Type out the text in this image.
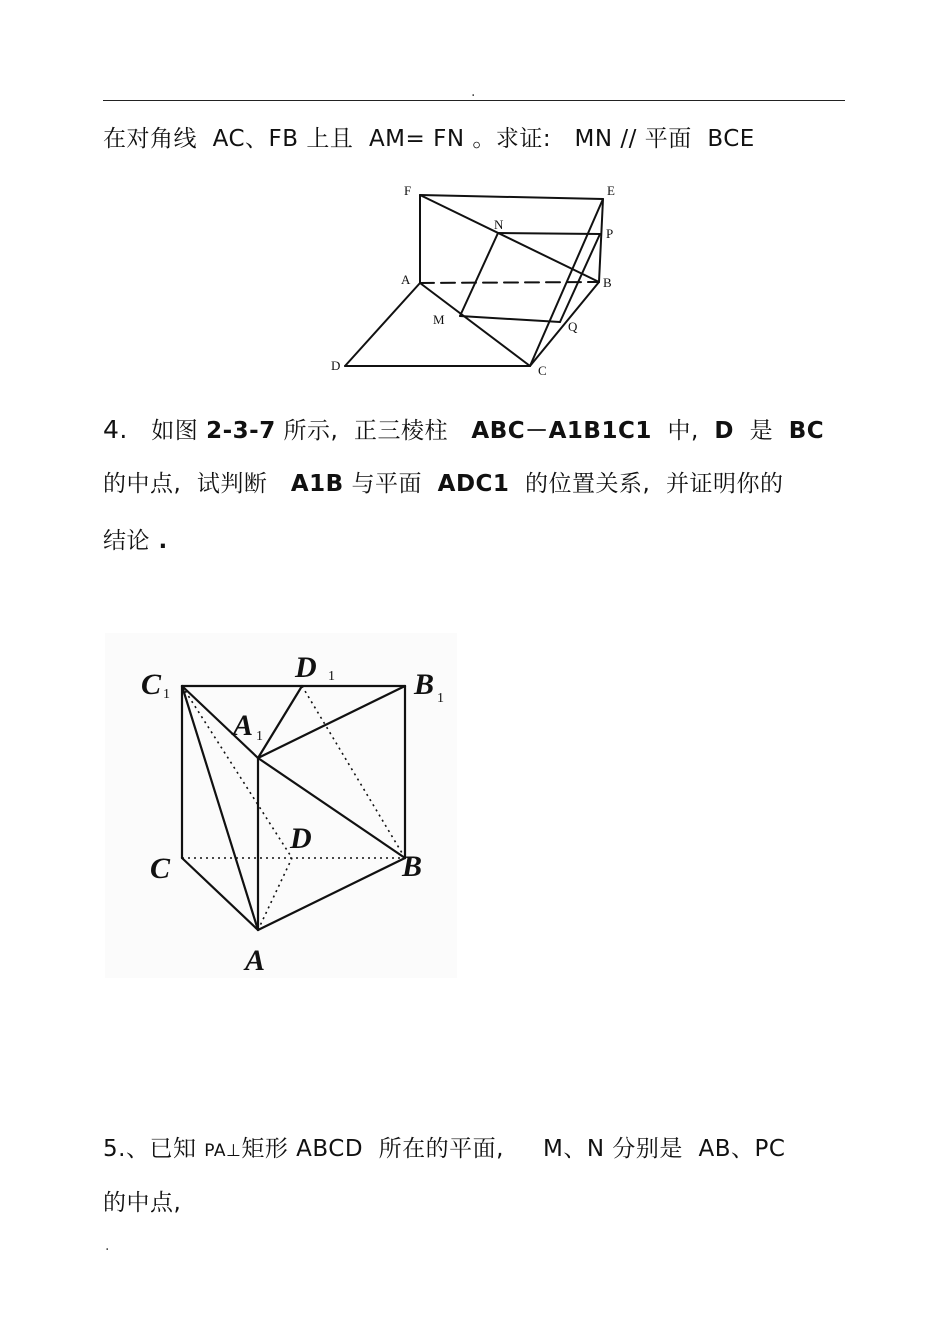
.
在对角线  AC、FB 上且  AM= FN 。求证:   MN // 平面  BCE
F	E
N
P
A	B
M	Q
D	C
4. 如图 2-3-7 所示,  正三棱柱   ABC－A1B1C1  中,  D  是  BC
的中点,  试判断   A1B 与平面  ADC1  的位置关系,  并证明你的
结论 .
C
D
B
A
D
C	B
A
1
1
1
1
5.、已知 PA⊥矩形 ABCD  所在的平面,     M、N 分别是  AB、PC
的中点,
.
